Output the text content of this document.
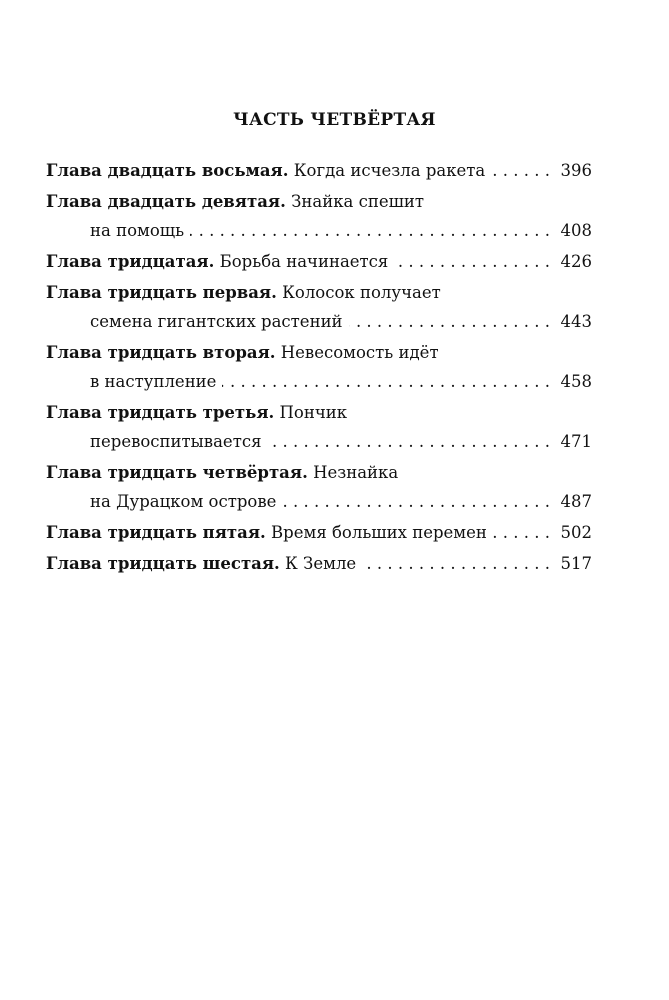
ЧАСТЬ ЧЕТВЁРТАЯ
Глава двадцать восьмая.
Когда исчезла ракета . . .	396
Глава двадцать девятая.
Знайка спешит
на помощь . . .	408
Глава тридцатая.
Борьба начинается . . .	426
Глава тридцать первая.
Колосок получает
семена гигантских растений . . .	443
Глава тридцать вторая.
Невесомость идёт
в наступление . . .	458
Глава тридцать третья.
Пончик
перевоспитывается . . .	471
Глава тридцать четвёртая.
Незнайка
на Дурацком острове . . .	487
Глава тридцать пятая.
Время больших перемен . . .	502
Глава тридцать шестая.
К Земле . . .	517
